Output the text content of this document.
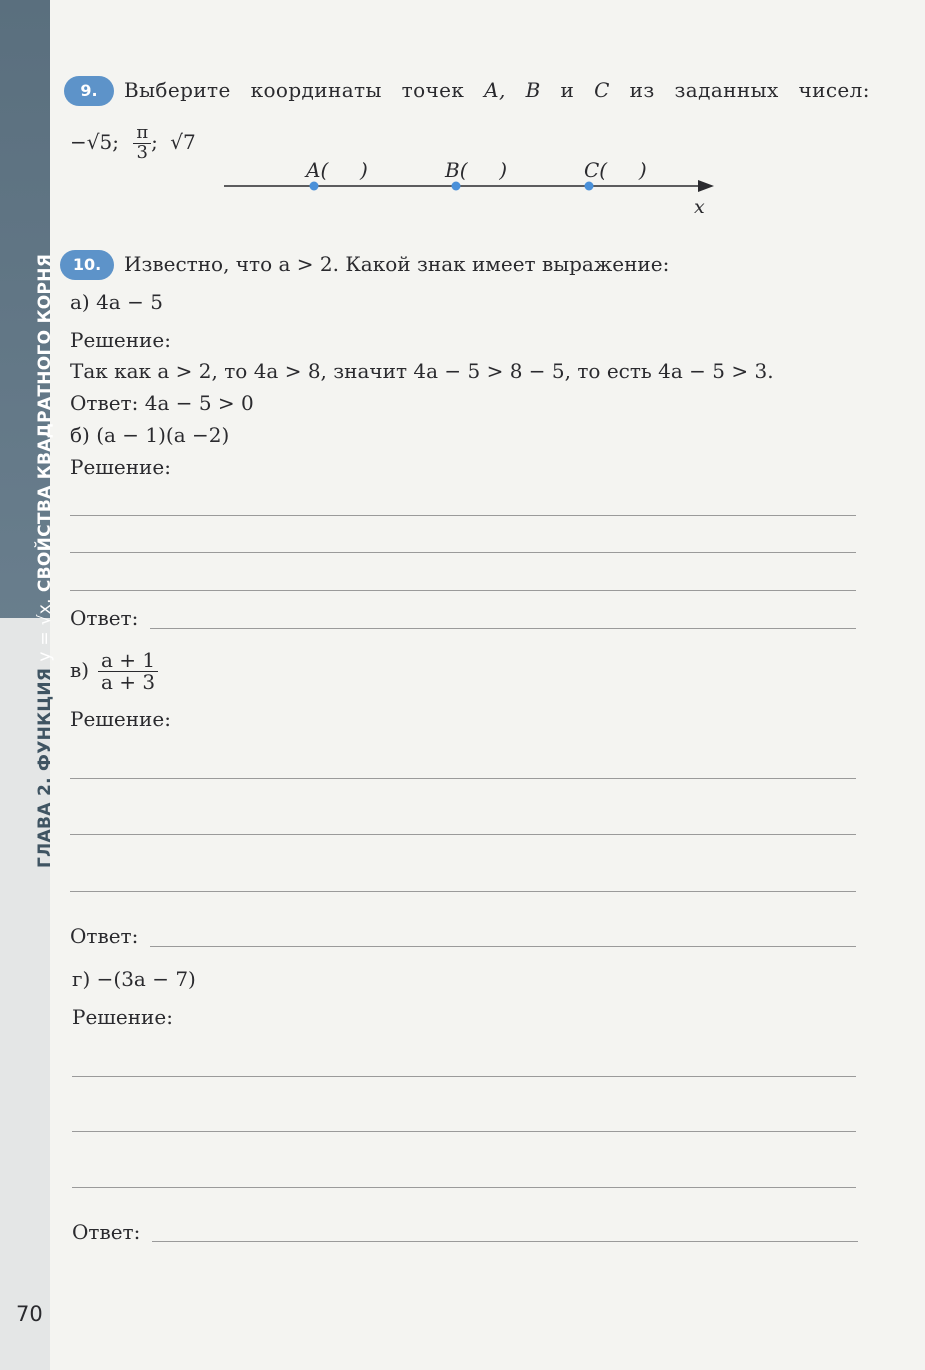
ГЛАВА 2. ФУНКЦИЯy = √x.СВОЙСТВА КВАДРАТНОГО КОРНЯ
70
9.	Выберите координаты точек A, B и C из заданных чисел:
−√5; $\frac{\pi}{3}$ ; √7
A(     )	B(     )	C(     )
x
10.	Известно, что a > 2. Какой знак имеет выражение:
а) 4a − 5
Решение:
Так как a > 2, то 4a > 8, значит 4a − 5 > 8 − 5, то есть 4a − 5 > 3.
Ответ: 4a − 5 > 0
б) (a − 1)(a −2)
Решение:
Ответ:
$в) \frac{a + 1}{a + 3}$
Решение:
Ответ:
г) −(3a − 7)
Решение:
Ответ:
